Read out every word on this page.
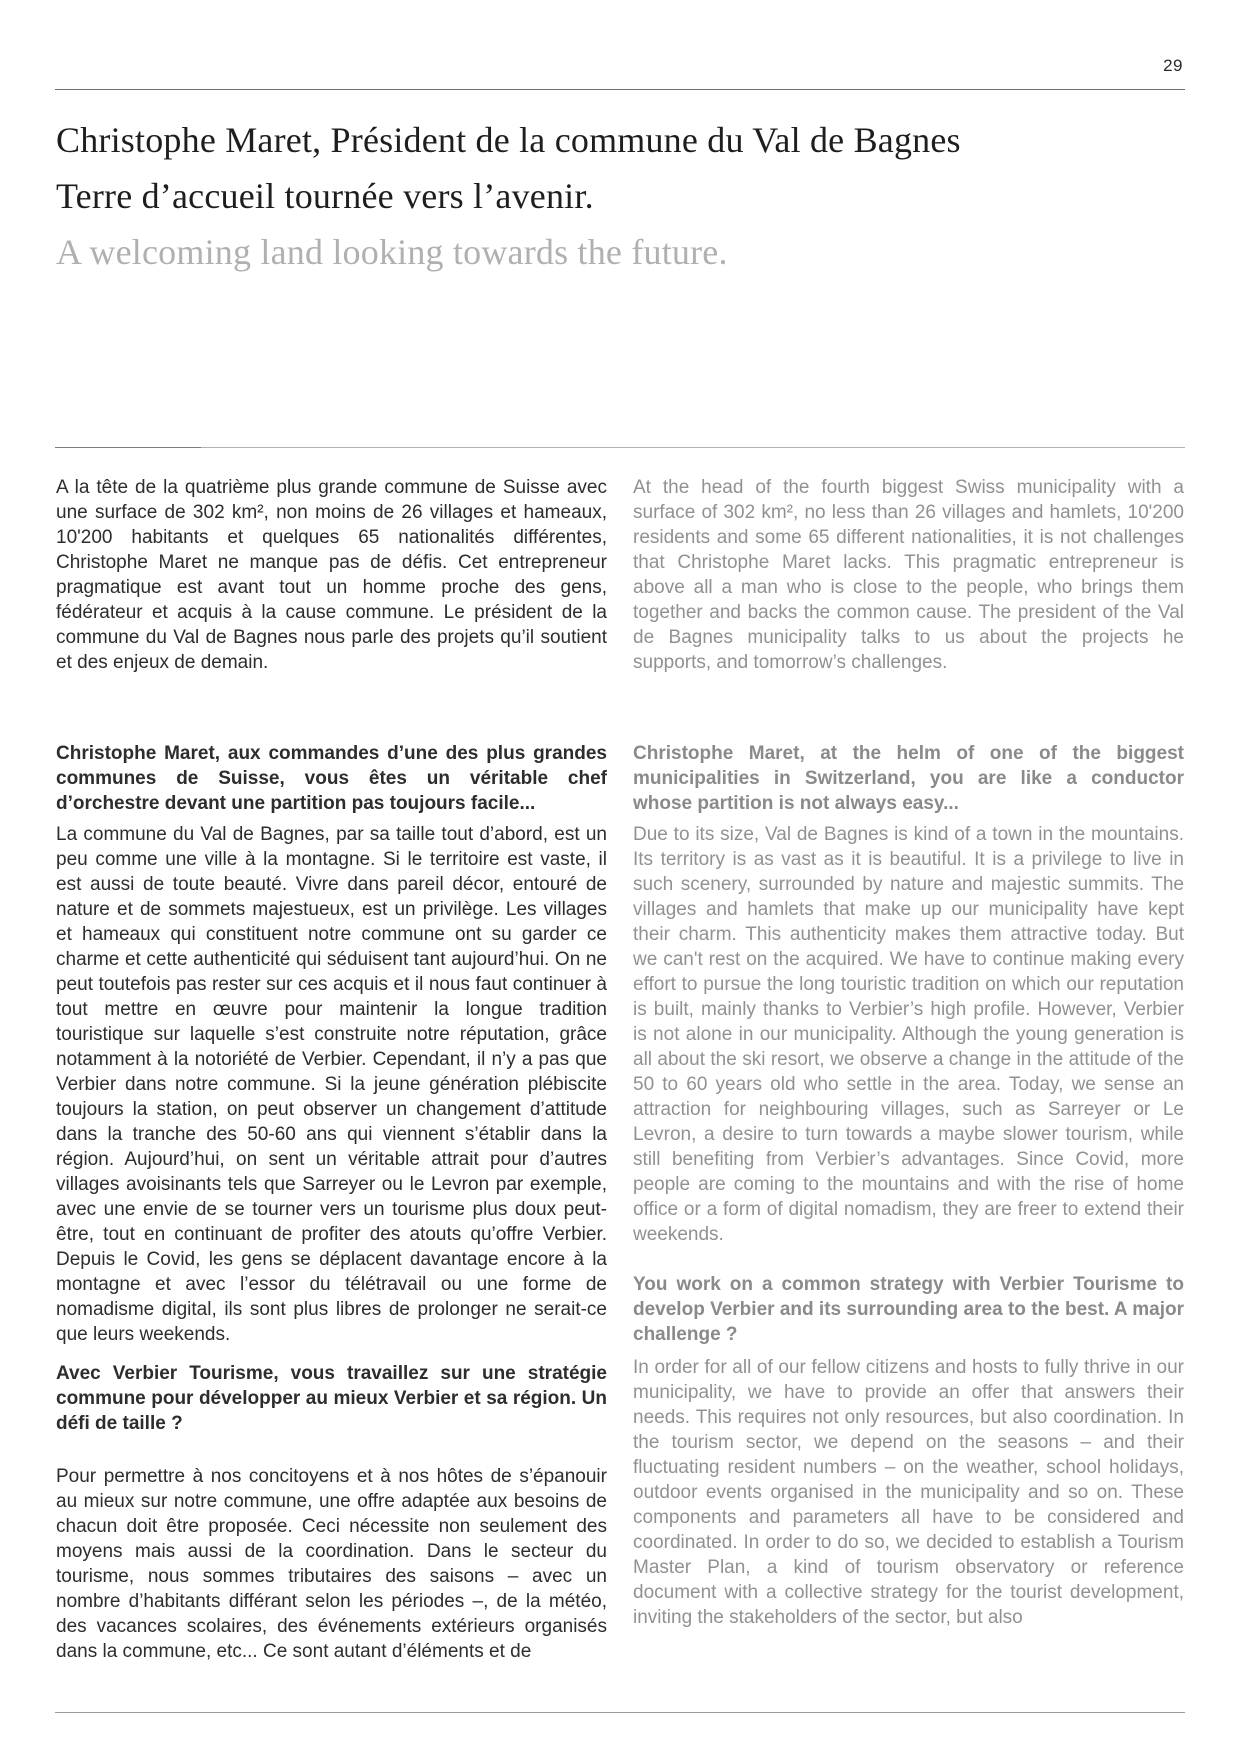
29
Christophe Maret, Président de la commune du Val de Bagnes
Terre d’accueil tournée vers l’avenir.
A welcoming land looking towards the future.

A la tête de la quatrième plus grande commune de Suisse avec une surface de 302 km², non moins de 26 villages et hameaux, 10'200 habitants et quelques 65 nationalités différentes, Christophe Maret ne manque pas de défis. Cet entrepreneur pragmatique est avant tout un homme proche des gens, fédérateur et acquis à la cause commune. Le président de la commune du Val de Bagnes nous parle des projets qu’il soutient et des enjeux de demain.

Christophe Maret, aux commandes d’une des plus grandes communes de Suisse, vous êtes un véritable chef d’orchestre devant une partition pas toujours facile...

La commune du Val de Bagnes, par sa taille tout d’abord, est un peu comme une ville à la montagne. Si le territoire est vaste, il est aussi de toute beauté. Vivre dans pareil décor, entouré de nature et de sommets majestueux, est un privilège. Les villages et hameaux qui constituent notre commune ont su garder ce charme et cette authenticité qui séduisent tant aujourd’hui. On ne peut toutefois pas rester sur ces acquis et il nous faut continuer à tout mettre en œuvre pour maintenir la longue tradition touristique sur laquelle s’est construite notre réputation, grâce notamment à la notoriété de Verbier. Cependant, il n’y a pas que Verbier dans notre commune. Si la jeune génération plébiscite toujours la station, on peut observer un changement d’attitude dans la tranche des 50-60 ans qui viennent s’établir dans la région. Aujourd’hui, on sent un véritable attrait pour d’autres villages avoisinants tels que Sarreyer ou le Levron par exemple, avec une envie de se tourner vers un tourisme plus doux peut-être, tout en continuant de profiter des atouts qu’offre Verbier. Depuis le Covid, les gens se déplacent davantage encore à la montagne et avec l’essor du télétravail ou une forme de nomadisme digital, ils sont plus libres de prolonger ne serait-ce que leurs weekends.

Avec Verbier Tourisme, vous travaillez sur une stratégie commune pour développer au mieux Verbier et sa région. Un défi de taille ?

Pour permettre à nos concitoyens et à nos hôtes de s’épanouir au mieux sur notre commune, une offre adaptée aux besoins de chacun doit être proposée. Ceci nécessite non seulement des moyens mais aussi de la coordination. Dans le secteur du tourisme, nous sommes tributaires des saisons – avec un nombre d’habitants différant selon les périodes –, de la météo, des vacances scolaires, des événements extérieurs organisés dans la commune, etc... Ce sont autant d’éléments et de

At the head of the fourth biggest Swiss municipality with a surface of 302 km², no less than 26 villages and hamlets, 10'200 residents and some 65 different nationalities, it is not challenges that Christophe Maret lacks. This pragmatic entrepreneur is above all a man who is close to the people, who brings them together and backs the common cause. The president of the Val de Bagnes municipality talks to us about the projects he supports, and tomorrow’s challenges.

Christophe Maret, at the helm of one of the biggest municipalities in Switzerland, you are like a conductor whose partition is not always easy...

Due to its size, Val de Bagnes is kind of a town in the mountains. Its territory is as vast as it is beautiful. It is a privilege to live in such scenery, surrounded by nature and majestic summits. The villages and hamlets that make up our municipality have kept their charm. This authenticity makes them attractive today. But we can't rest on the acquired. We have to continue making every effort to pursue the long touristic tradition on which our reputation is built, mainly thanks to Verbier’s high profile. However, Verbier is not alone in our municipality. Although the young generation is all about the ski resort, we observe a change in the attitude of the 50 to 60 years old who settle in the area. Today, we sense an attraction for neighbouring villages, such as Sarreyer or Le Levron, a desire to turn towards a maybe slower tourism, while still benefiting from Verbier’s advantages. Since Covid, more people are coming to the mountains and with the rise of home office or a form of digital nomadism, they are freer to extend their weekends.

You work on a common strategy with Verbier Tourisme to develop Verbier and its surrounding area to the best. A major challenge ?

In order for all of our fellow citizens and hosts to fully thrive in our municipality, we have to provide an offer that answers their needs. This requires not only resources, but also coordination. In the tourism sector, we depend on the seasons – and their fluctuating resident numbers – on the weather, school holidays, outdoor events organised in the municipality and so on. These components and parameters all have to be considered and coordinated. In order to do so, we decided to establish a Tourism Master Plan, a kind of tourism observatory or reference document with a collective strategy for the tourist development, inviting the stakeholders of the sector, but also
